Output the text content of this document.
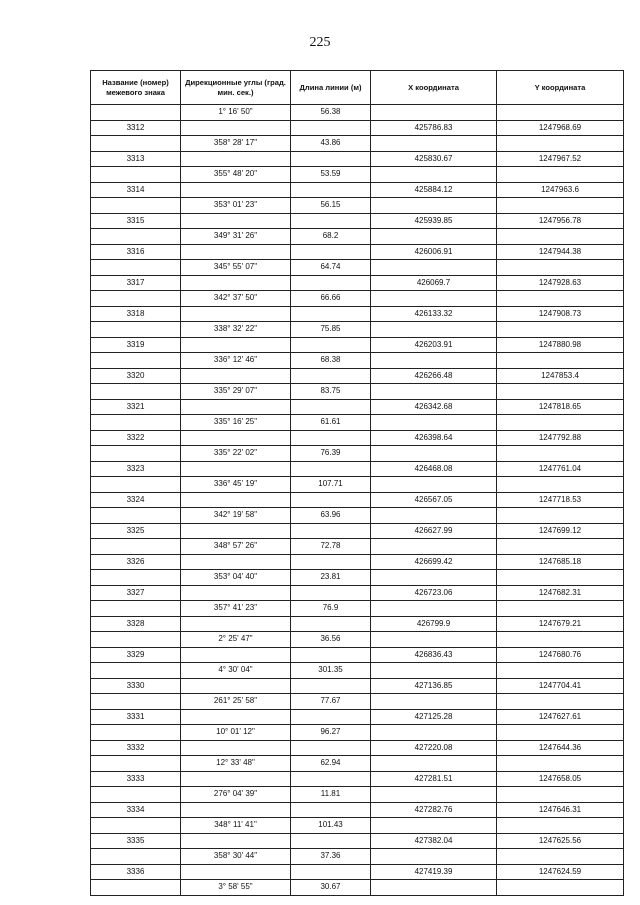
225
Название (номер) межевого знака	Дирекционные углы (град. мин. сек.)	Длина линии (м)	X координата	Y координата
	1° 16' 50"	56.38		
3312			425786.83	1247968.69
	358° 28' 17"	43.86		
3313			425830.67	1247967.52
	355° 48' 20"	53.59		
3314			425884.12	1247963.6
	353° 01' 23"	56.15		
3315			425939.85	1247956.78
	349° 31' 26"	68.2		
3316			426006.91	1247944.38
	345° 55' 07"	64.74		
3317			426069.7	1247928.63
	342° 37' 50"	66.66		
3318			426133.32	1247908.73
	338° 32' 22"	75.85		
3319			426203.91	1247880.98
	336° 12' 46"	68.38		
3320			426266.48	1247853.4
	335° 29' 07"	83.75		
3321			426342.68	1247818.65
	335° 16' 25"	61.61		
3322			426398.64	1247792.88
	335° 22' 02"	76.39		
3323			426468.08	1247761.04
	336° 45' 19"	107.71		
3324			426567.05	1247718.53
	342° 19' 58"	63.96		
3325			426627.99	1247699.12
	348° 57' 26"	72.78		
3326			426699.42	1247685.18
	353° 04' 40"	23.81		
3327			426723.06	1247682.31
	357° 41' 23"	76.9		
3328			426799.9	1247679.21
	2° 25' 47"	36.56		
3329			426836.43	1247680.76
	4° 30' 04"	301.35		
3330			427136.85	1247704.41
	261° 25' 58"	77.67		
3331			427125.28	1247627.61
	10° 01' 12"	96.27		
3332			427220.08	1247644.36
	12° 33' 48"	62.94		
3333			427281.51	1247658.05
	276° 04' 39"	11.81		
3334			427282.76	1247646.31
	348° 11' 41"	101.43		
3335			427382.04	1247625.56
	358° 30' 44"	37.36		
3336			427419.39	1247624.59
	3° 58' 55"	30.67		
